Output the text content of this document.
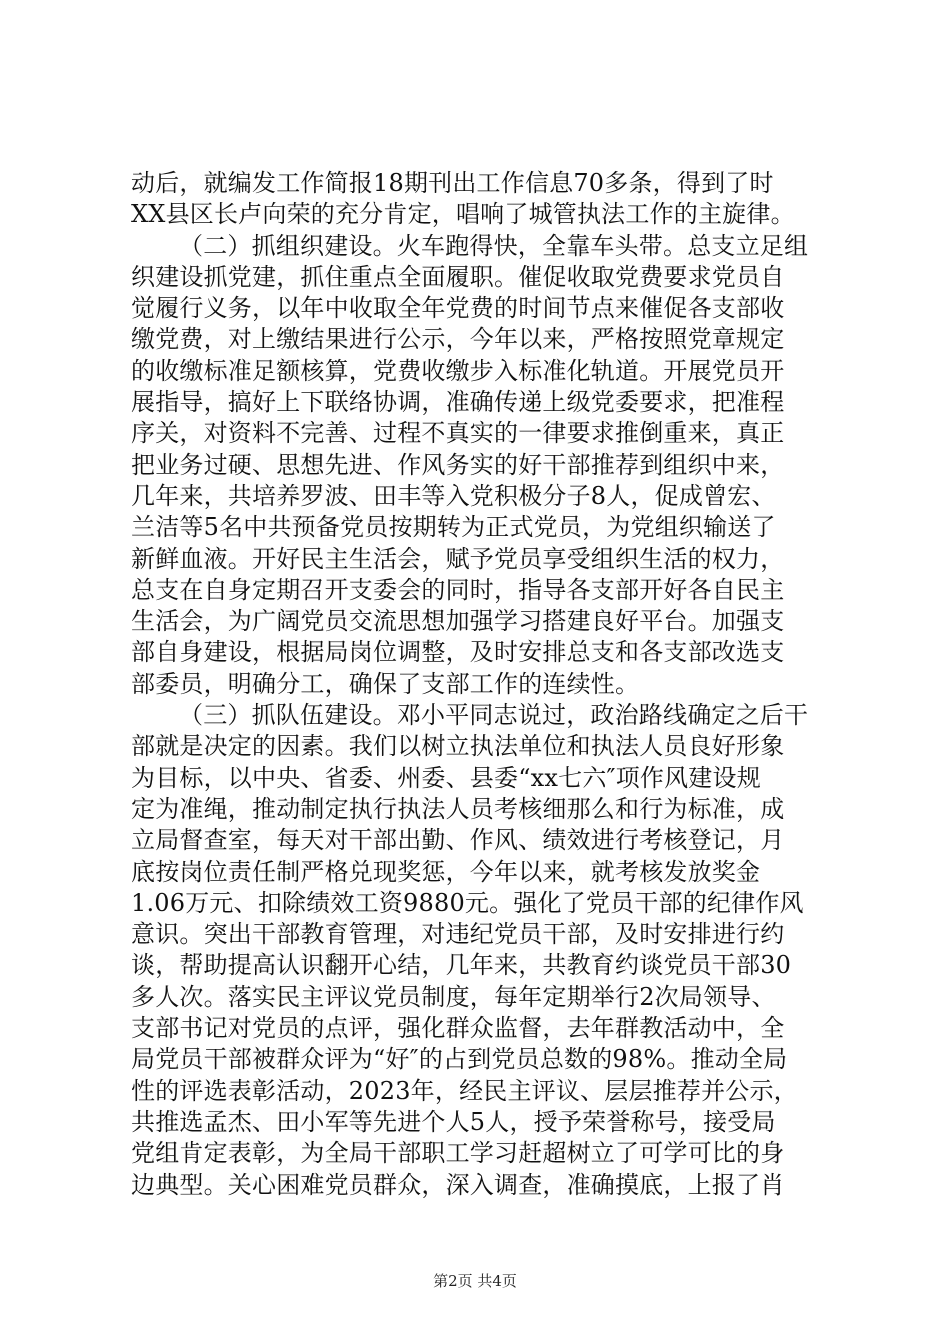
动后，就编发工作简报18期刊出工作信息70多条，得到了时
XX县区长卢向荣的充分肯定，唱响了城管执法工作的主旋律。
（二）抓组织建设。火车跑得快，全靠车头带。总支立足组
织建设抓党建，抓住重点全面履职。催促收取党费要求党员自
觉履行义务，以年中收取全年党费的时间节点来催促各支部收
缴党费，对上缴结果进行公示，今年以来，严格按照党章规定
的收缴标准足额核算，党费收缴步入标准化轨道。开展党员开
展指导，搞好上下联络协调，准确传递上级党委要求，把准程
序关，对资料不完善、过程不真实的一律要求推倒重来，真正
把业务过硬、思想先进、作风务实的好干部推荐到组织中来，
几年来，共培养罗波、田丰等入党积极分子8人，促成曾宏、
兰洁等5名中共预备党员按期转为正式党员，为党组织输送了
新鲜血液。开好民主生活会，赋予党员享受组织生活的权力，
总支在自身定期召开支委会的同时，指导各支部开好各自民主
生活会，为广阔党员交流思想加强学习搭建良好平台。加强支
部自身建设，根据局岗位调整，及时安排总支和各支部改选支
部委员，明确分工，确保了支部工作的连续性。
（三）抓队伍建设。邓小平同志说过，政治路线确定之后干
部就是决定的因素。我们以树立执法单位和执法人员良好形象
为目标，以中央、省委、州委、县委“xx七六″项作风建设规
定为准绳，推动制定执行执法人员考核细那么和行为标准，成
立局督查室，每天对干部出勤、作风、绩效进行考核登记，月
底按岗位责任制严格兑现奖惩，今年以来，就考核发放奖金
1.06万元、扣除绩效工资9880元。强化了党员干部的纪律作风
意识。突出干部教育管理，对违纪党员干部，及时安排进行约
谈，帮助提高认识翻开心结，几年来，共教育约谈党员干部30
多人次。落实民主评议党员制度，每年定期举行2次局领导、
支部书记对党员的点评，强化群众监督，去年群教活动中，全
局党员干部被群众评为“好″的占到党员总数的98%。推动全局
性的评选表彰活动，2023年，经民主评议、层层推荐并公示，
共推选孟杰、田小军等先进个人5人，授予荣誉称号，接受局
党组肯定表彰，为全局干部职工学习赶超树立了可学可比的身
边典型。关心困难党员群众，深入调查，准确摸底，上报了肖
第2页 共4页
